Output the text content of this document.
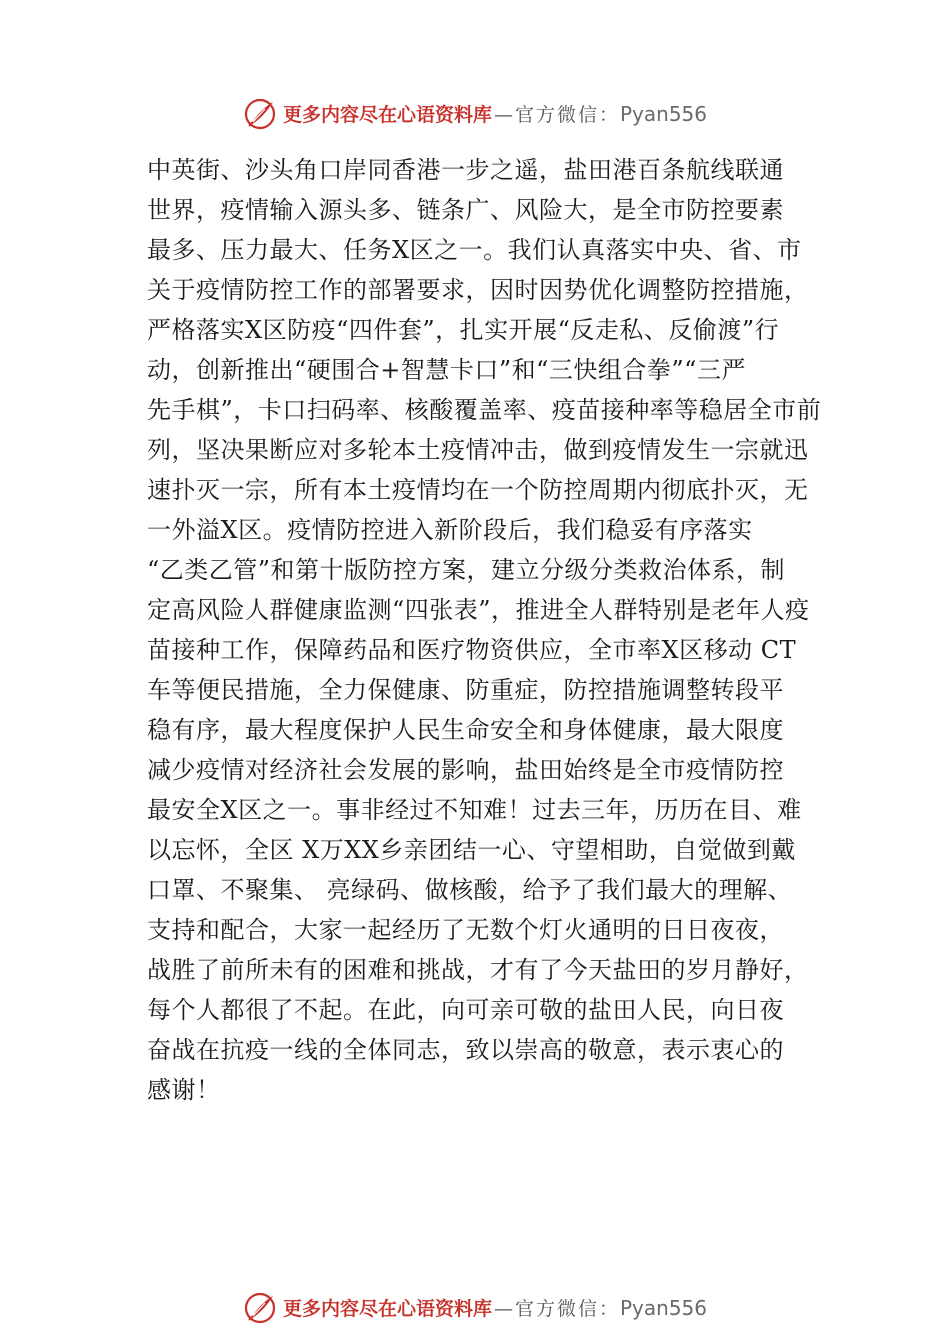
更多内容尽在心语资料库 — 官方微信： Pyan556
中英街、沙头角口岸同香港一步之遥，盐田港百条航线联通
世界，疫情输入源头多、链条广、风险大，是全市防控要素
最多、压力最大、任务X区之一。我们认真落实中央、省、市
关于疫情防控工作的部署要求，因时因势优化调整防控措施，
严格落实X区防疫“四件套”，扎实开展“反走私、反偷渡”行
动，创新推出“硬围合+智慧卡口”和“三快组合拳”“三严
先手棋”，卡口扫码率、核酸覆盖率、疫苗接种率等稳居全市前
列，坚决果断应对多轮本土疫情冲击，做到疫情发生一宗就迅
速扑灭一宗，所有本土疫情均在一个防控周期内彻底扑灭，无
一外溢X区。疫情防控进入新阶段后，我们稳妥有序落实
“乙类乙管”和第十版防控方案，建立分级分类救治体系，制
定高风险人群健康监测“四张表”，推进全人群特别是老年人疫
苗接种工作，保障药品和医疗物资供应，全市率X区移动 CT
车等便民措施，全力保健康、防重症，防控措施调整转段平
稳有序，最大程度保护人民生命安全和身体健康，最大限度
减少疫情对经济社会发展的影响，盐田始终是全市疫情防控
最安全X区之一。事非经过不知难！过去三年，历历在目、难
以忘怀，全区 X万XX乡亲团结一心、守望相助，自觉做到戴
口罩、不聚集、 亮绿码、做核酸，给予了我们最大的理解、
支持和配合，大家一起经历了无数个灯火通明的日日夜夜，
战胜了前所未有的困难和挑战，才有了今天盐田的岁月静好，
每个人都很了不起。在此，向可亲可敬的盐田人民，向日夜
奋战在抗疫一线的全体同志，致以崇高的敬意，表示衷心的
感谢！
更多内容尽在心语资料库 — 官方微信： Pyan556
